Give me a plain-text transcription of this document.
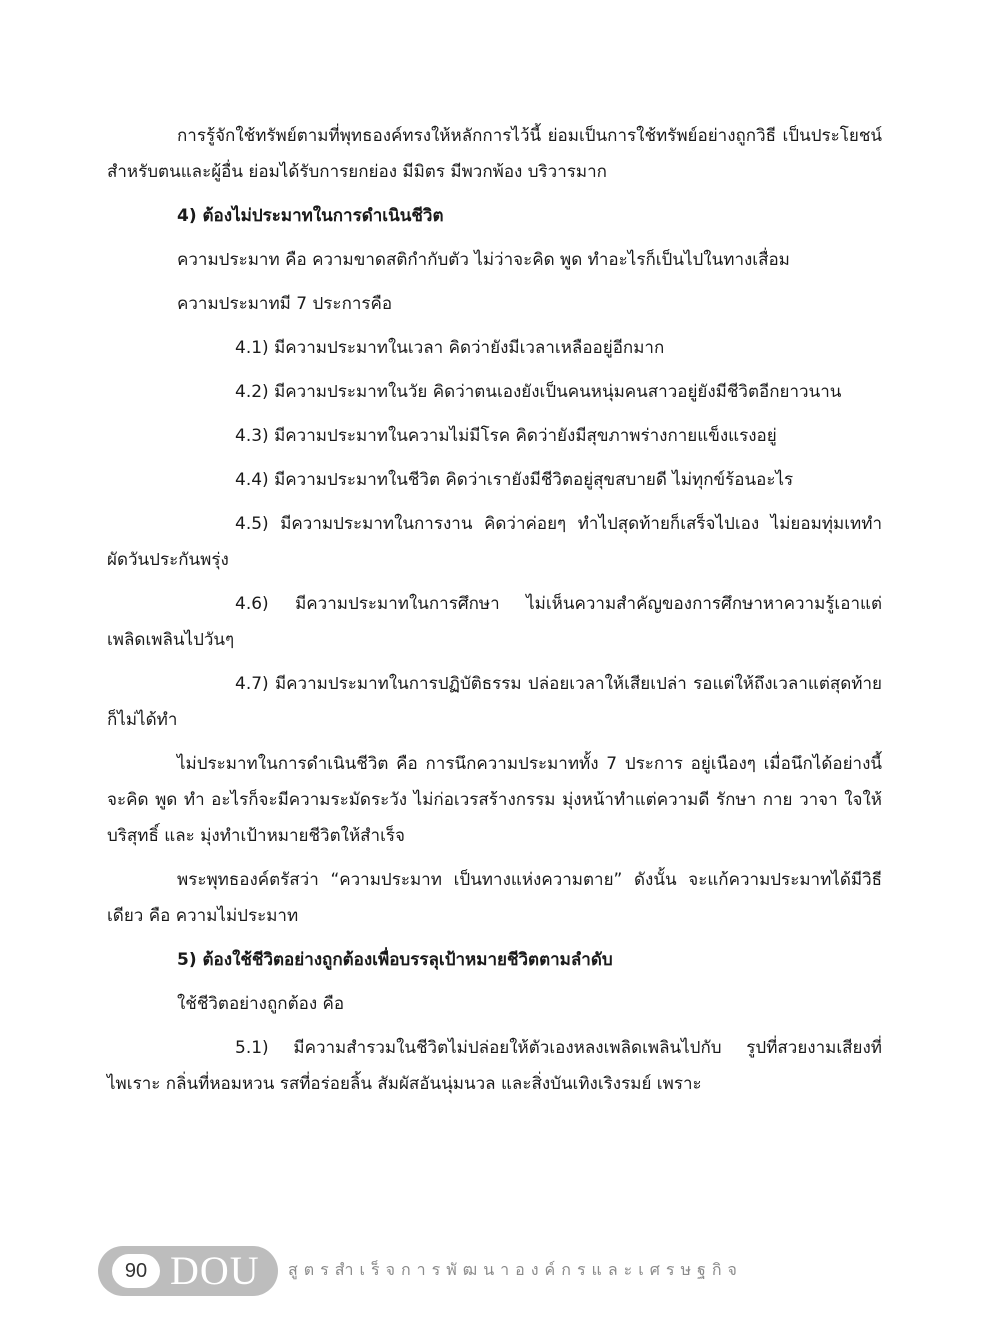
การรู้จักใช้ทรัพย์ตามที่พุทธองค์ทรงให้หลักการไว้นี้ ย่อมเป็นการใช้ทรัพย์อย่างถูกวิธี เป็นประโยชน์สำหรับตนและผู้อื่น ย่อมได้รับการยกย่อง มีมิตร มีพวกพ้อง บริวารมาก

4) ต้องไม่ประมาทในการดำเนินชีวิต

ความประมาท คือ ความขาดสติกำกับตัว ไม่ว่าจะคิด พูด ทำอะไรก็เป็นไปในทางเสื่อม

ความประมาทมี 7 ประการคือ

4.1) มีความประมาทในเวลา คิดว่ายังมีเวลาเหลืออยู่อีกมาก

4.2) มีความประมาทในวัย คิดว่าตนเองยังเป็นคนหนุ่มคนสาวอยู่ยังมีชีวิตอีกยาวนาน

4.3) มีความประมาทในความไม่มีโรค คิดว่ายังมีสุขภาพร่างกายแข็งแรงอยู่

4.4) มีความประมาทในชีวิต คิดว่าเรายังมีชีวิตอยู่สุขสบายดี ไม่ทุกข์ร้อนอะไร

4.5) มีความประมาทในการงาน คิดว่าค่อยๆ ทำไปสุดท้ายก็เสร็จไปเอง ไม่ยอมทุ่มเททำ ผัดวันประกันพรุ่ง

4.6) มีความประมาทในการศึกษา ไม่เห็นความสำคัญของการศึกษาหาความรู้เอาแต่เพลิดเพลินไปวันๆ

4.7) มีความประมาทในการปฏิบัติธรรม ปล่อยเวลาให้เสียเปล่า รอแต่ให้ถึงเวลาแต่สุดท้ายก็ไม่ได้ทำ

ไม่ประมาทในการดำเนินชีวิต คือ การนึกความประมาททั้ง 7 ประการ อยู่เนืองๆ เมื่อนึกได้อย่างนี้ จะคิด พูด ทำ อะไรก็จะมีความระมัดระวัง ไม่ก่อเวรสร้างกรรม มุ่งหน้าทำแต่ความดี รักษา กาย วาจา ใจให้บริสุทธิ์ และ มุ่งทำเป้าหมายชีวิตให้สำเร็จ

พระพุทธองค์ตรัสว่า “ความประมาท เป็นทางแห่งความตาย” ดังนั้น จะแก้ความประมาทได้มีวิธีเดียว คือ ความไม่ประมาท

5) ต้องใช้ชีวิตอย่างถูกต้องเพื่อบรรลุเป้าหมายชีวิตตามลำดับ

ใช้ชีวิตอย่างถูกต้อง คือ

5.1) มีความสำรวมในชีวิตไม่ปล่อยให้ตัวเองหลงเพลิดเพลินไปกับ รูปที่สวยงามเสียงที่ไพเราะ กลิ่นที่หอมหวน รสที่อร่อยลิ้น สัมผัสอันนุ่มนวล และสิ่งบันเทิงเริงรมย์ เพราะ

90 DOU สูตรสำเร็จการพัฒนาองค์กรและเศรษฐกิจ
